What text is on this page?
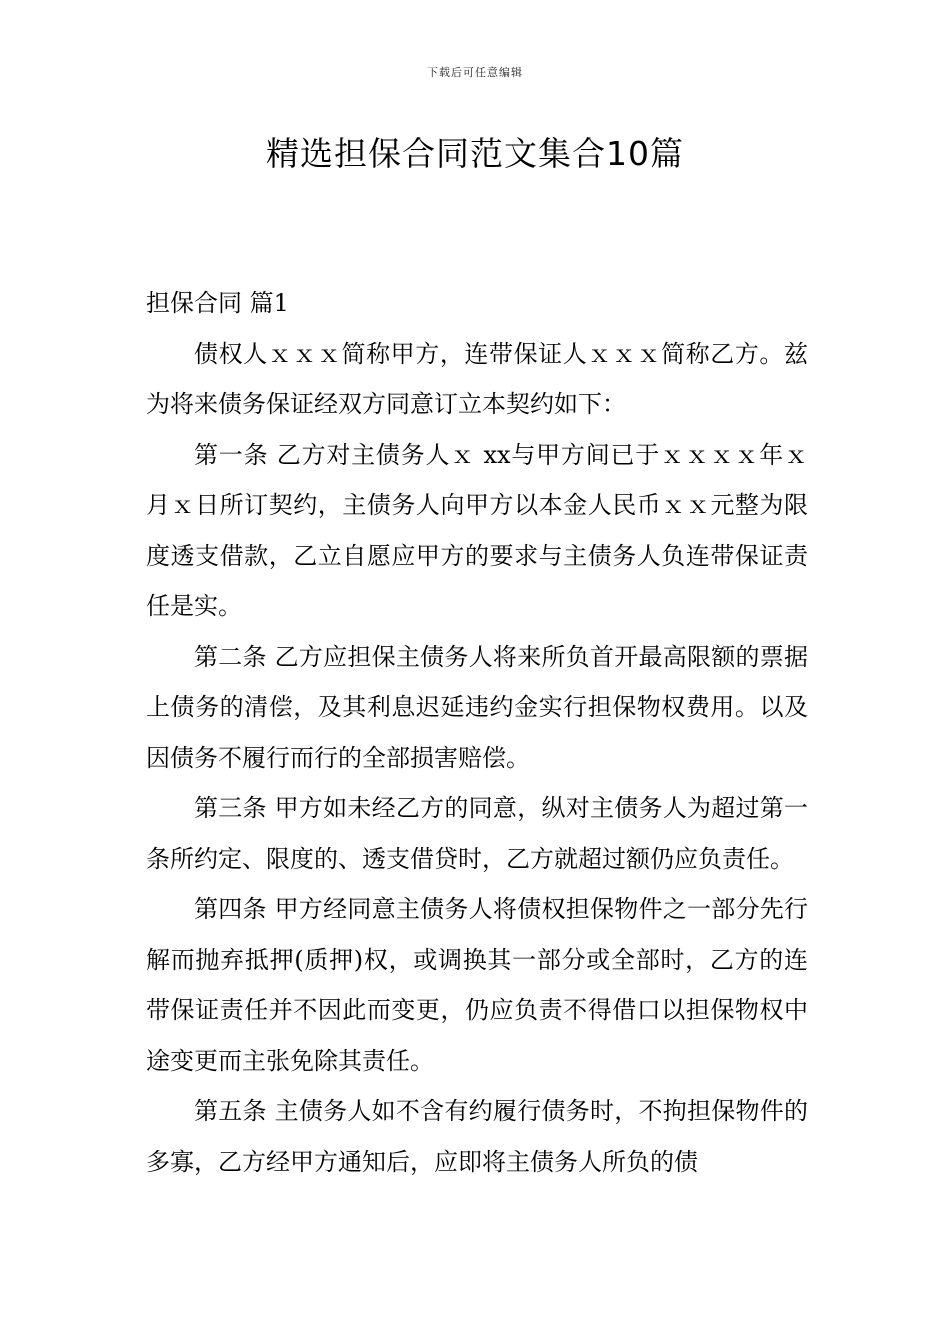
下载后可任意编辑
精选担保合同范文集合10篇

担保合同 篇1

债权人ｘｘｘ简称甲方，连带保证人ｘｘｘ简称乙方。兹为将来债务保证经双方同意订立本契约如下：

第一条 乙方对主债务人ｘ xx与甲方间已于ｘｘｘｘ年ｘ月ｘ日所订契约，主债务人向甲方以本金人民币ｘｘ元整为限度透支借款，乙立自愿应甲方的要求与主债务人负连带保证责任是实。

第二条 乙方应担保主债务人将来所负首开最高限额的票据上债务的清偿，及其利息迟延违约金实行担保物权费用。以及因债务不履行而行的全部损害赔偿。

第三条 甲方如未经乙方的同意，纵对主债务人为超过第一条所约定、限度的、透支借贷时，乙方就超过额仍应负责任。

第四条 甲方经同意主债务人将债权担保物件之一部分先行解而抛弃抵押(质押)权，或调换其一部分或全部时，乙方的连带保证责任并不因此而变更，仍应负责不得借口以担保物权中途变更而主张免除其责任。

第五条 主债务人如不含有约履行债务时，不拘担保物件的多寡，乙方经甲方通知后，应即将主债务人所负的债
